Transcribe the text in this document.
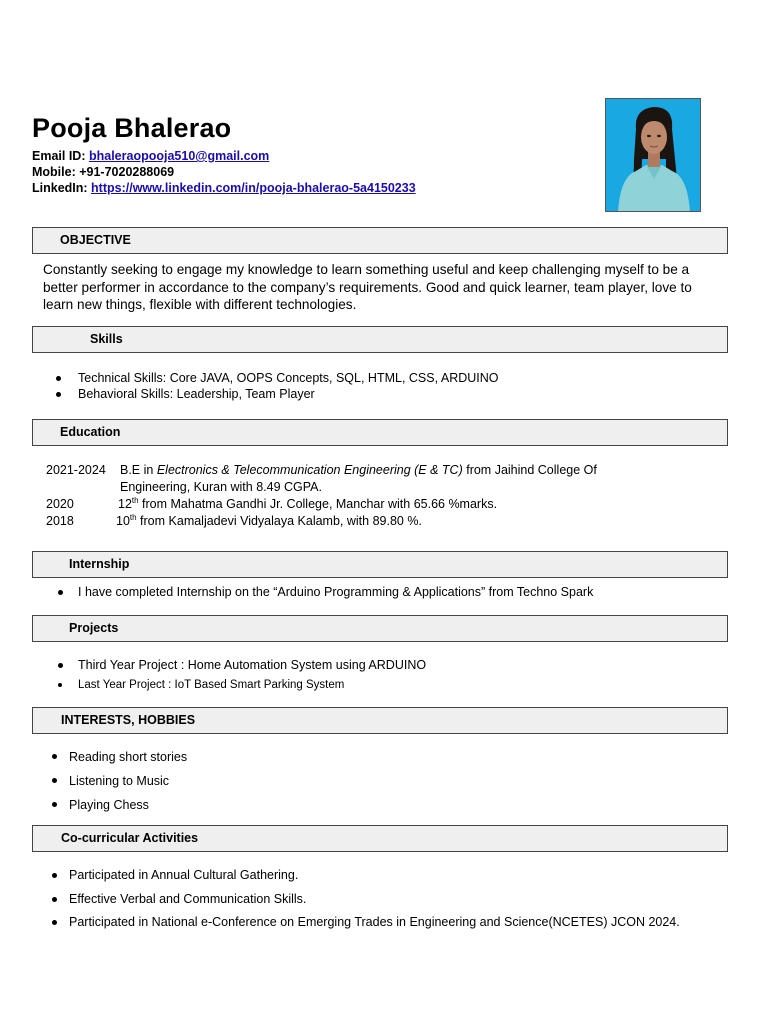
Pooja Bhalerao
Email ID: bhaleraopooja510@gmail.com
Mobile: +91-7020288069
LinkedIn: https://www.linkedin.com/in/pooja-bhalerao-5a4150233
OBJECTIVE
Constantly seeking to engage my knowledge to learn something useful and keep challenging myself to be a better performer in accordance to the company’s requirements. Good and quick learner, team player, love to learn new things, flexible with different technologies.
Skills
Technical Skills: Core JAVA, OOPS Concepts, SQL, HTML, CSS, ARDUINO
Behavioral Skills: Leadership, Team Player
Education
2021-2024 B.E in Electronics & Telecommunication Engineering (E & TC) from Jaihind College Of
Engineering, Kuran with 8.49 CGPA.
2020	12th from Mahatma Gandhi Jr. College, Manchar with 65.66 %marks.
2018	10th from Kamaljadevi Vidyalaya Kalamb, with 89.80 %.
Internship
I have completed Internship on the “Arduino Programming & Applications” from Techno Spark
Projects
Third Year Project : Home Automation System using ARDUINO
Last Year Project : IoT Based Smart Parking System
INTERESTS, HOBBIES
Reading short stories
Listening to Music
Playing Chess
Co-curricular Activities
Participated in Annual Cultural Gathering.
Effective Verbal and Communication Skills.
Participated in National e-Conference on Emerging Trades in Engineering and Science(NCETES) JCON 2024.
